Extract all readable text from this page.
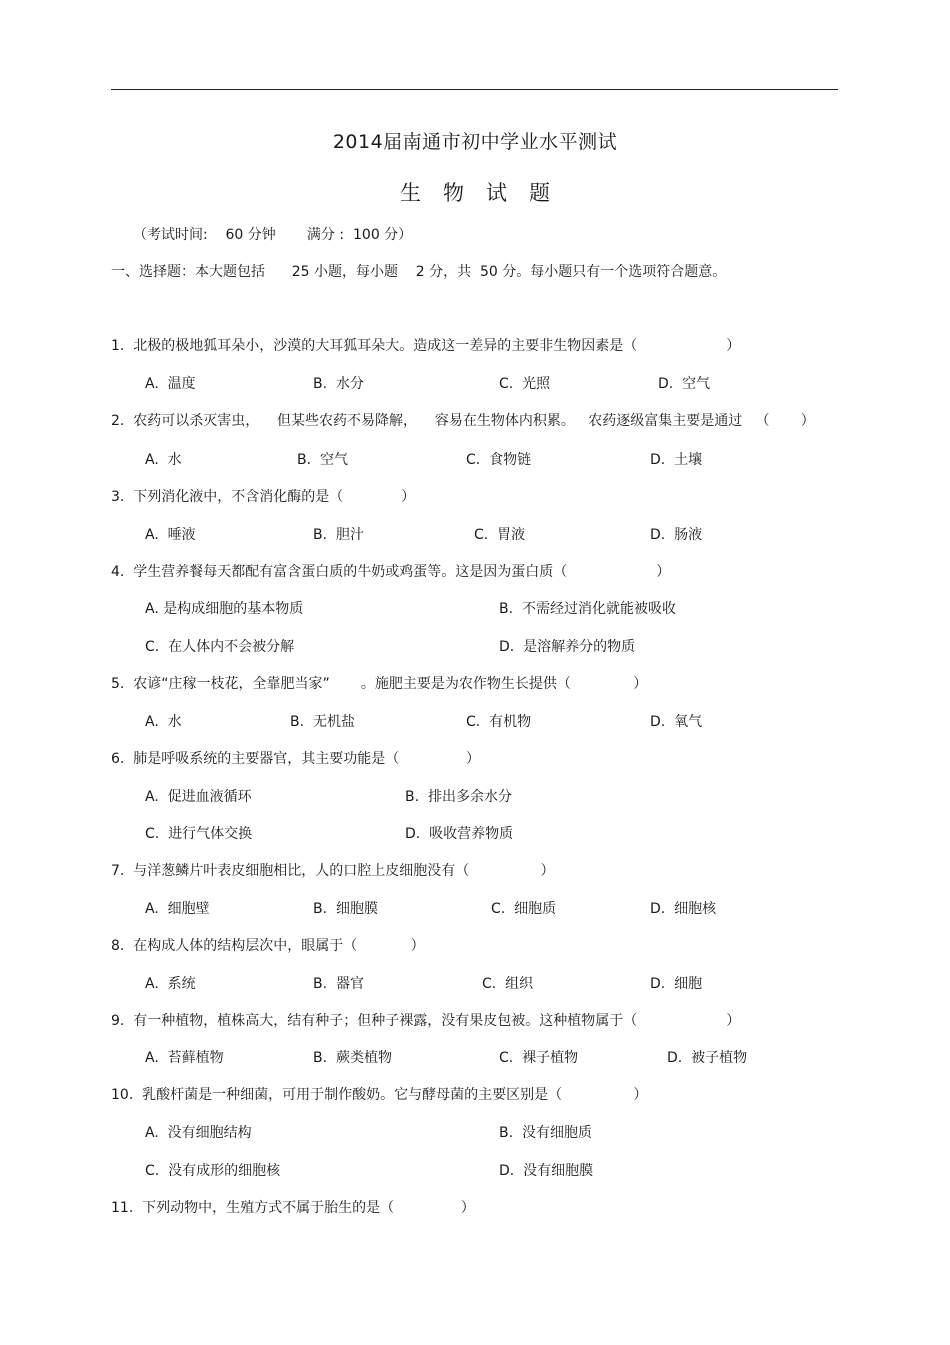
2014届南通市初中学业水平测试
生物试题
（考试时间:    60 分钟       满分 :  100 分）
一、选择题：本大题包括      25 小题，每小题    2 分，共  50 分。每小题只有一个选项符合题意。
1.  北极的极地狐耳朵小，沙漠的大耳狐耳朵大。造成这一差异的主要非生物因素是（                    ）
A.  温度	B.  水分	C.  光照	D.  空气
2.  农药可以杀灭害虫，    但某些农药不易降解，    容易在生物体内积累。   农药逐级富集主要是通过   （       ）
A.  水	B.  空气	C.  食物链	D.  土壤
3.  下列消化液中，不含消化酶的是（             ）
A.  唾液	B.  胆汁	C.  胃液	D.  肠液
4.  学生营养餐每天都配有富含蛋白质的牛奶或鸡蛋等。这是因为蛋白质（                    ）
A. 是构成细胞的基本物质	B.  不需经过消化就能被吸收
C.  在人体内不会被分解	D.  是溶解养分的物质
5.  农谚“庄稼一枝花，全靠肥当家”       。施肥主要是为农作物生长提供（              ）
A.  水	B.  无机盐	C.  有机物	D.  氧气
6.  肺是呼吸系统的主要器官，其主要功能是（               ）
A.  促进血液循环	B.  排出多余水分
C.  进行气体交换	D.  吸收营养物质
7.  与洋葱鳞片叶表皮细胞相比，人的口腔上皮细胞没有（                ）
A.  细胞壁	B.  细胞膜	C.  细胞质	D.  细胞核
8.  在构成人体的结构层次中，眼属于（            ）
A.  系统	B.  器官	C.  组织	D.  细胞
9.  有一种植物，植株高大，结有种子；但种子裸露，没有果皮包被。这种植物属于（                    ）
A.  苔藓植物	B.  蕨类植物	C.  裸子植物	D.  被子植物
10.  乳酸杆菌是一种细菌，可用于制作酸奶。它与酵母菌的主要区别是（                ）
A.  没有细胞结构	B.  没有细胞质
C.  没有成形的细胞核	D.  没有细胞膜
11.  下列动物中，生殖方式不属于胎生的是（               ）
